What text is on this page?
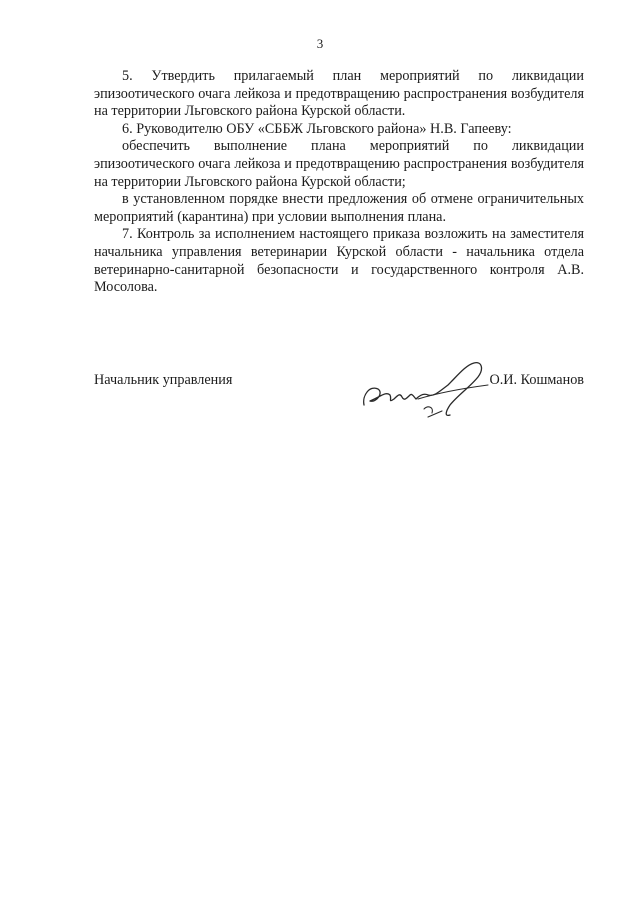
3

5. Утвердить прилагаемый план мероприятий по ликвидации эпизоотического очага лейкоза и предотвращению распространения возбудителя на территории Льговского района Курской области.

6. Руководителю ОБУ «СББЖ Льговского района» Н.В. Гапееву:

обеспечить выполнение плана мероприятий по ликвидации эпизоотического очага лейкоза и предотвращению распространения возбудителя на территории Льговского района Курской области;

в установленном порядке внести предложения об отмене ограничительных мероприятий (карантина) при условии выполнения плана.

7. Контроль за исполнением настоящего приказа возложить на заместителя начальника управления ветеринарии Курской области - начальника отдела ветеринарно-санитарной безопасности и государственного контроля А.В. Мосолова.

Начальник управления	О.И. Кошманов
